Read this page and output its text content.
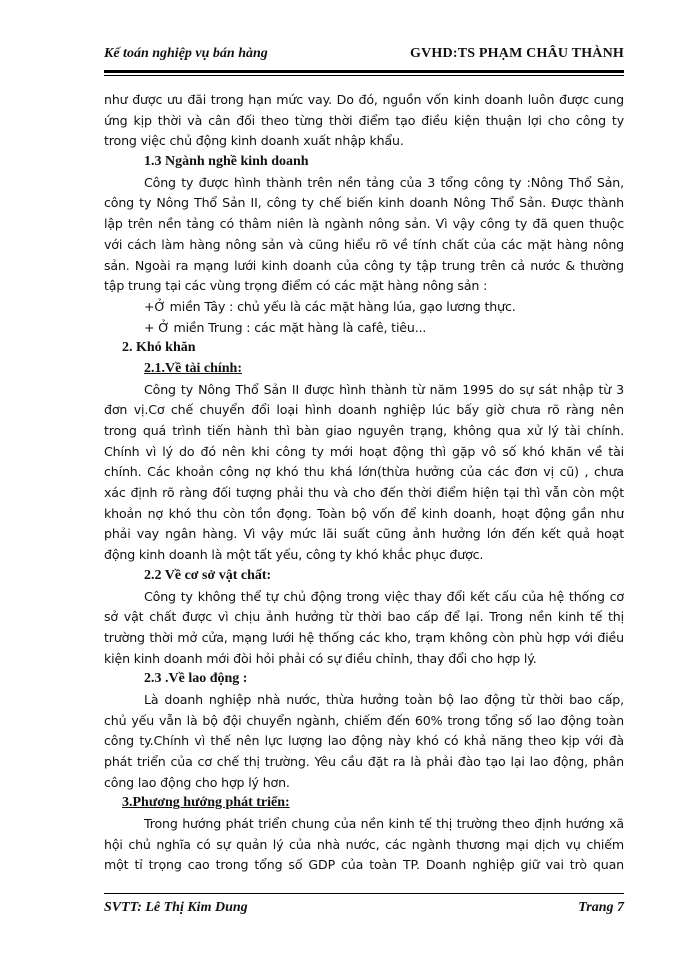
Kế toán nghiệp vụ bán hàng	GVHD:TS PHẠM CHÂU THÀNH
như được ưu đãi trong hạn mức vay. Do đó, nguồn vốn kinh doanh luôn được cung
ứng kịp thời và cân đối theo từng thời điểm tạo điều kiện thuận lợi cho công ty
trong việc chủ động kinh doanh xuất nhập khẩu.
1.3 Ngành nghề kinh doanh
Công ty được hình thành trên nền tảng của 3 tổng công ty :Nông Thổ Sản,
công ty Nông Thổ Sản II, công ty chế biến kinh doanh Nông Thổ Sản. Được thành
lập trên nền tảng có thâm niên là ngành nông sản. Vì vậy công ty đã quen thuộc
với cách làm hàng nông sản và cũng hiểu rõ về tính chất của các mặt hàng nông
sản. Ngoài ra mạng lưới kinh doanh của công ty tập trung trên cả nước & thường
tập trung tại các vùng trọng điểm có các mặt hàng nông sản :
+Ở miền Tây : chủ yếu là các mặt hàng lúa, gạo lương thực.
+ Ở miền Trung : các mặt hàng là cafê, tiêu...
2. Khó khăn
2.1.Về tài chính:
Công ty Nông Thổ Sản II được hình thành từ năm 1995 do sự sát nhập từ 3
đơn vị.Cơ chế chuyển đổi loại hình doanh nghiệp lúc bấy giờ chưa rõ ràng nên
trong quá trình tiến hành thì bàn giao nguyên trạng, không qua xử lý tài chính.
Chính vì lý do đó nên khi công ty mới hoạt động thì gặp vô số khó khăn về tài
chính. Các khoản công nợ khó thu khá lớn(thừa hưởng của các đơn vị cũ) , chưa
xác định rõ ràng đối tượng phải thu và cho đến thời điểm hiện tại thì vẫn còn một
khoản nợ khó thu còn tồn đọng. Toàn bộ vốn để kinh doanh, hoạt động gần như
phải vay ngân hàng. Vì vậy mức lãi suất cũng ảnh hưởng lớn đến kết quả hoạt
động kinh doanh là một tất yếu, công ty khó khắc phục được.
2.2 Về cơ sở vật chất:
Công ty không thể tự chủ động trong việc thay đổi kết cấu của hệ thống cơ
sở vật chất được vì chịu ảnh hưởng từ thời bao cấp để lại. Trong nền kinh tế thị
trường thời mở cửa, mạng lưới hệ thống các kho, trạm không còn phù hợp với điều
kiện kinh doanh mới đòi hỏi phải có sự điều chỉnh, thay đổi cho hợp lý.
2.3 .Về lao động :
Là doanh nghiệp nhà nước, thừa hưởng toàn bộ lao động từ thời bao cấp,
chủ yếu vẫn là bộ đội chuyển ngành, chiếm đến 60% trong tổng số lao động toàn
công ty.Chính vì thế nên lực lượng lao động này khó có khả năng theo kịp với đà
phát triển của cơ chế thị trường. Yêu cầu đặt ra là phải đào tạo lại lao động, phân
công lao động cho hợp lý hơn.
3.Phương hướng phát triển:
Trong hướng phát triển chung của nền kinh tế thị trường theo định hướng xã
hội chủ nghĩa có sự quản lý của nhà nước, các ngành thương mại dịch vụ chiếm
một tỉ trọng cao trong tổng số GDP của toàn TP. Doanh nghiệp giữ vai trò quan
SVTT: Lê Thị Kim Dung	Trang 7
